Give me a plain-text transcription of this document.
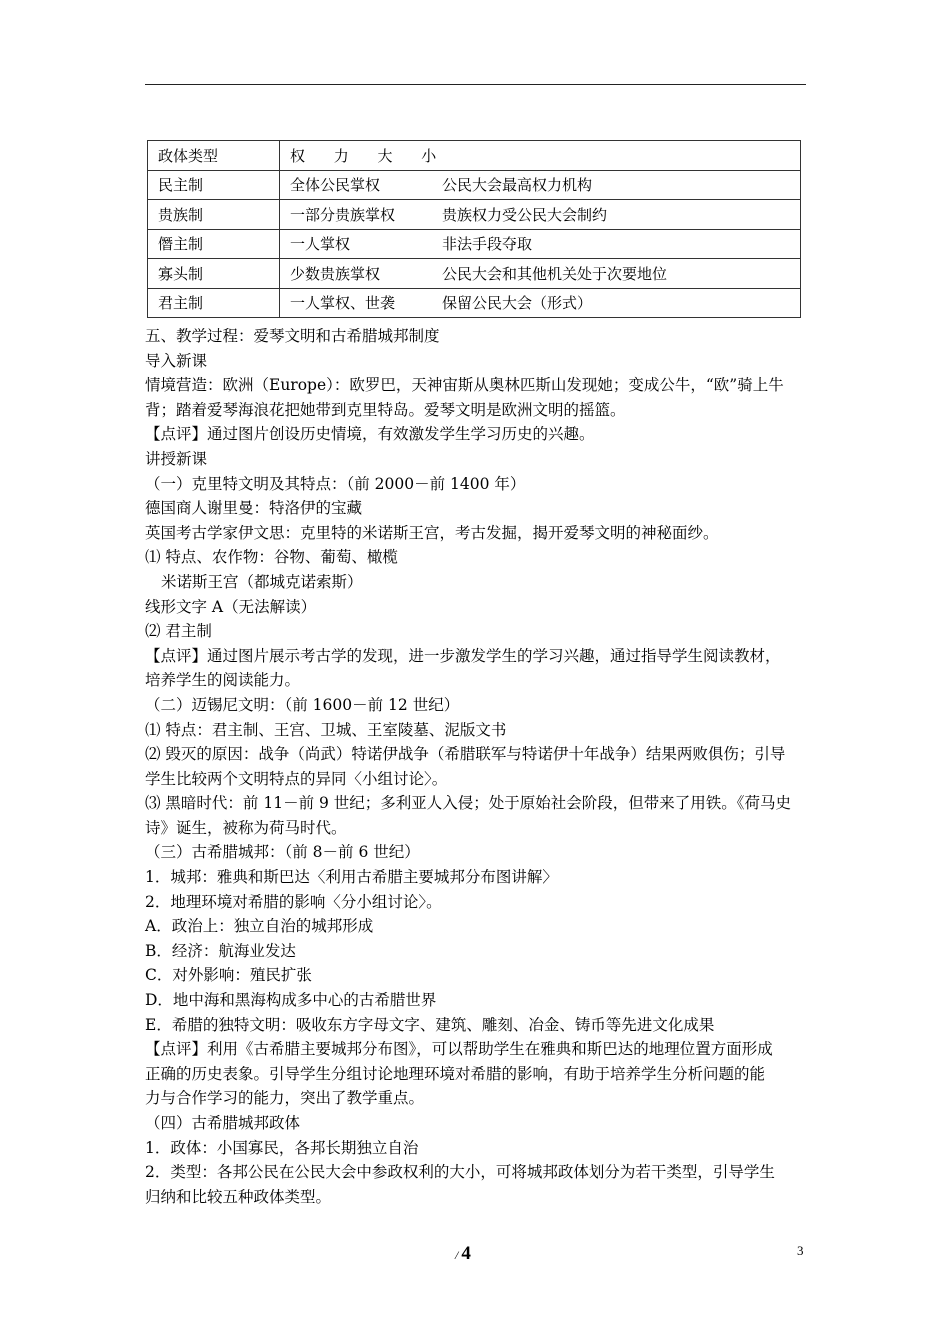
政体类型	权 力 大 小
民主制	全体公民掌权 公民大会最高权力机构
贵族制	一部分贵族掌权 贵族权力受公民大会制约
僭主制	一人掌权 非法手段夺取
寡头制	少数贵族掌权 公民大会和其他机关处于次要地位
君主制	一人掌权、世袭 保留公民大会（形式）
五、教学过程：爱琴文明和古希腊城邦制度
导入新课
情境营造：欧洲（Europe）：欧罗巴，天神宙斯从奥林匹斯山发现她；变成公牛，“欧”骑上牛
背；踏着爱琴海浪花把她带到克里特岛。爱琴文明是欧洲文明的摇篮。
【点评】通过图片创设历史情境，有效激发学生学习历史的兴趣。
讲授新课
（一）克里特文明及其特点：（前 2000－前 1400 年）
德国商人谢里曼：特洛伊的宝藏
英国考古学家伊文思：克里特的米诺斯王宫，考古发掘，揭开爱琴文明的神秘面纱。
⑴ 特点、农作物：谷物、葡萄、橄榄
米诺斯王宫（都城克诺索斯）
线形文字 A（无法解读）
⑵ 君主制
【点评】通过图片展示考古学的发现，进一步激发学生的学习兴趣，通过指导学生阅读教材，
培养学生的阅读能力。
（二）迈锡尼文明：（前 1600－前 12 世纪）
⑴ 特点：君主制、王宫、卫城、王室陵墓、泥版文书
⑵ 毁灭的原因：战争（尚武）特诺伊战争（希腊联军与特诺伊十年战争）结果两败俱伤；引导
学生比较两个文明特点的异同〈小组讨论〉。
⑶ 黑暗时代：前 11－前 9 世纪；多利亚人入侵；处于原始社会阶段，但带来了用铁。《荷马史
诗》诞生，被称为荷马时代。
（三）古希腊城邦：（前 8－前 6 世纪）
1．城邦：雅典和斯巴达〈利用古希腊主要城邦分布图讲解〉
2．地理环境对希腊的影响〈分小组讨论〉。
A．政治上：独立自治的城邦形成
B．经济：航海业发达
C．对外影响：殖民扩张
D．地中海和黑海构成多中心的古希腊世界
E．希腊的独特文明：吸收东方字母文字、建筑、雕刻、冶金、铸币等先进文化成果
【点评】利用《古希腊主要城邦分布图》，可以帮助学生在雅典和斯巴达的地理位置方面形成
正确的历史表象。引导学生分组讨论地理环境对希腊的影响，有助于培养学生分析问题的能
力与合作学习的能力，突出了教学重点。
（四）古希腊城邦政体
1．政体：小国寡民，各邦长期独立自治
2．类型：各邦公民在公民大会中参政权利的大小，可将城邦政体划分为若干类型，引导学生
归纳和比较五种政体类型。
/ 4	3
